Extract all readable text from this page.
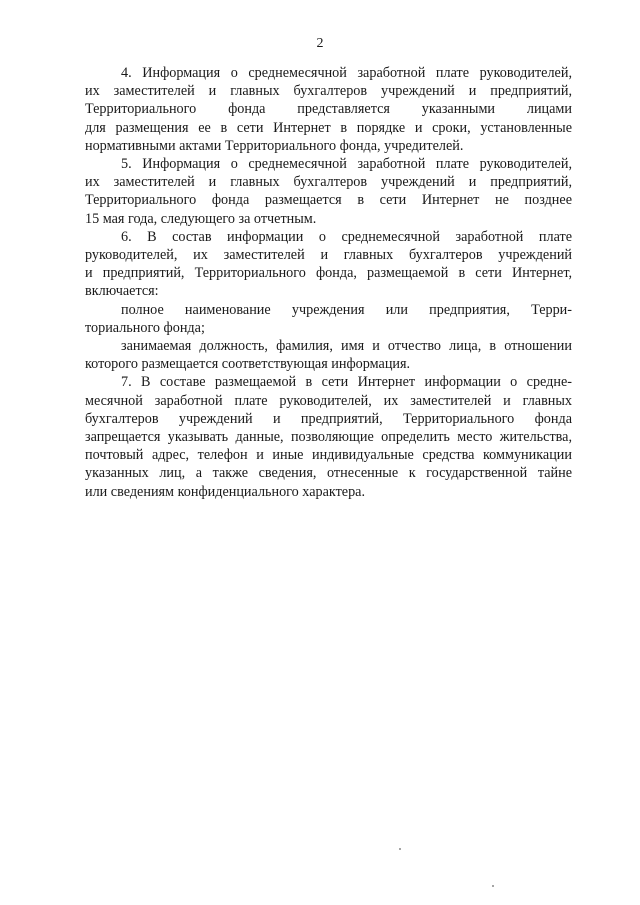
2

4. Информация о среднемесячной заработной плате руководителей,
их заместителей и главных бухгалтеров учреждений и предприятий,
Территориального фонда представляется указанными лицами
для размещения ее в сети Интернет в порядке и сроки, установленные
нормативными актами Территориального фонда, учредителей.

5. Информация о среднемесячной заработной плате руководителей,
их заместителей и главных бухгалтеров учреждений и предприятий,
Территориального фонда размещается в сети Интернет не позднее
15 мая года, следующего за отчетным.

6. В состав информации о среднемесячной заработной плате
руководителей, их заместителей и главных бухгалтеров учреждений
и предприятий, Территориального фонда, размещаемой в сети Интернет,
включается:

полное наименование учреждения или предприятия, Терри-
ториального фонда;

занимаемая должность, фамилия, имя и отчество лица, в отношении
которого размещается соответствующая информация.

7. В составе размещаемой в сети Интернет информации о средне-
месячной заработной плате руководителей, их заместителей и главных
бухгалтеров учреждений и предприятий, Территориального фонда
запрещается указывать данные, позволяющие определить место жительства,
почтовый адрес, телефон и иные индивидуальные средства коммуникации
указанных лиц, а также сведения, отнесенные к государственной тайне
или сведениям конфиденциального характера.
